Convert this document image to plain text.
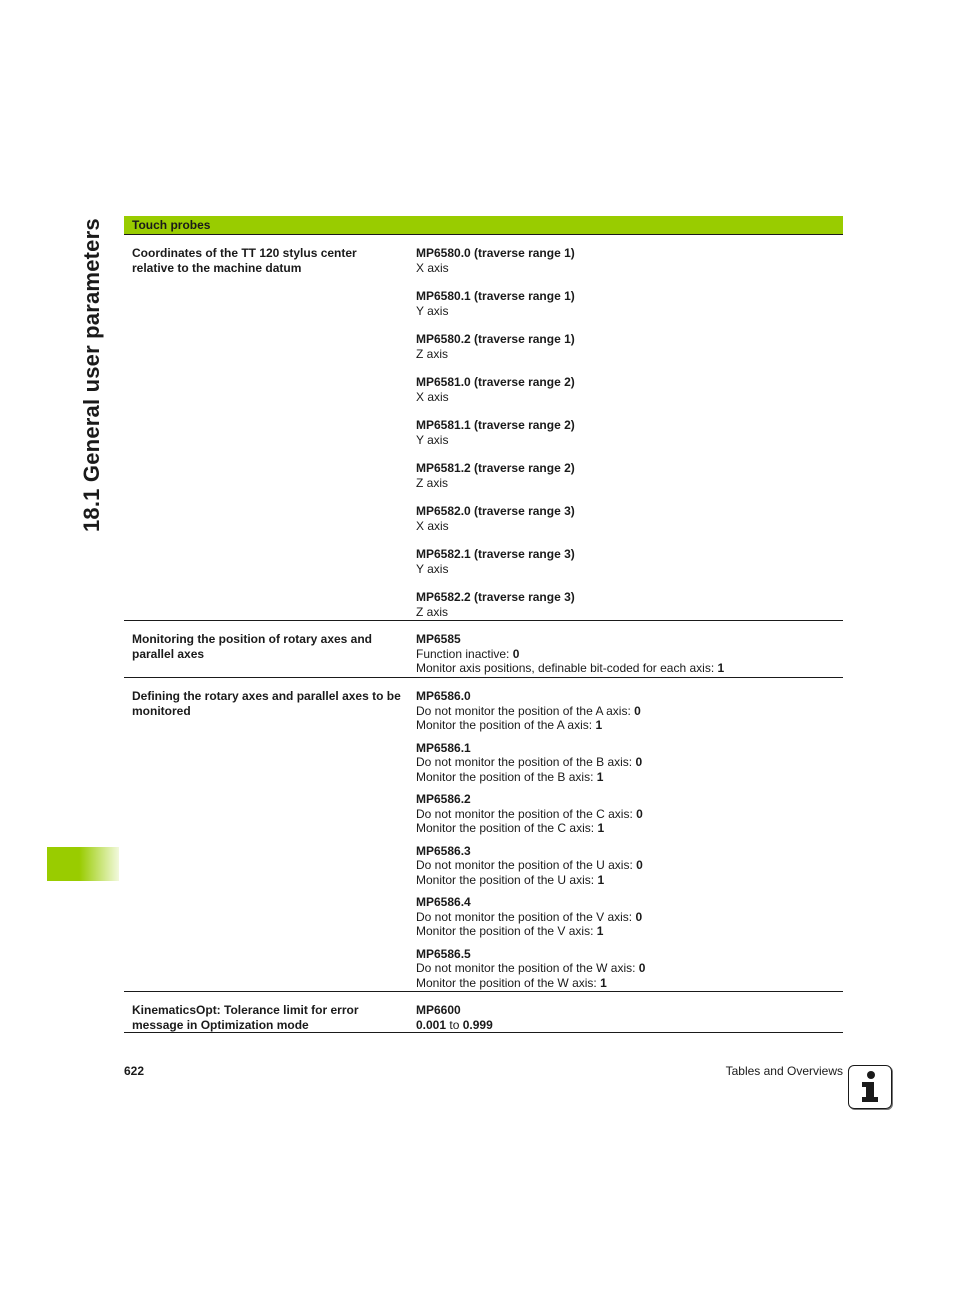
18.1 General user parameters	Touch probes
Coordinates of the TT 120 stylus center relative to the machine datum
MP6580.0 (traverse range 1)
X axis
MP6580.1 (traverse range 1)
Y axis
MP6580.2 (traverse range 1)
Z axis
MP6581.0 (traverse range 2)
X axis
MP6581.1 (traverse range 2)
Y axis
MP6581.2 (traverse range 2)
Z axis
MP6582.0 (traverse range 3)
X axis
MP6582.1 (traverse range 3)
Y axis
MP6582.2 (traverse range 3)
Z axis
Monitoring the position of rotary axes and parallel axes
MP6585
Function inactive: 0
Monitor axis positions, definable bit-coded for each axis: 1
Defining the rotary axes and parallel axes to be monitored
MP6586.0
Do not monitor the position of the A axis: 0
Monitor the position of the A axis: 1
MP6586.1
Do not monitor the position of the B axis: 0
Monitor the position of the B axis: 1
MP6586.2
Do not monitor the position of the C axis: 0
Monitor the position of the C axis: 1
MP6586.3
Do not monitor the position of the U axis: 0
Monitor the position of the U axis: 1
MP6586.4
Do not monitor the position of the V axis: 0
Monitor the position of the V axis: 1
MP6586.5
Do not monitor the position of the W axis: 0
Monitor the position of the W axis: 1
KinematicsOpt: Tolerance limit for error message in Optimization mode
MP6600
0.001 to 0.999
622	Tables and Overviews
